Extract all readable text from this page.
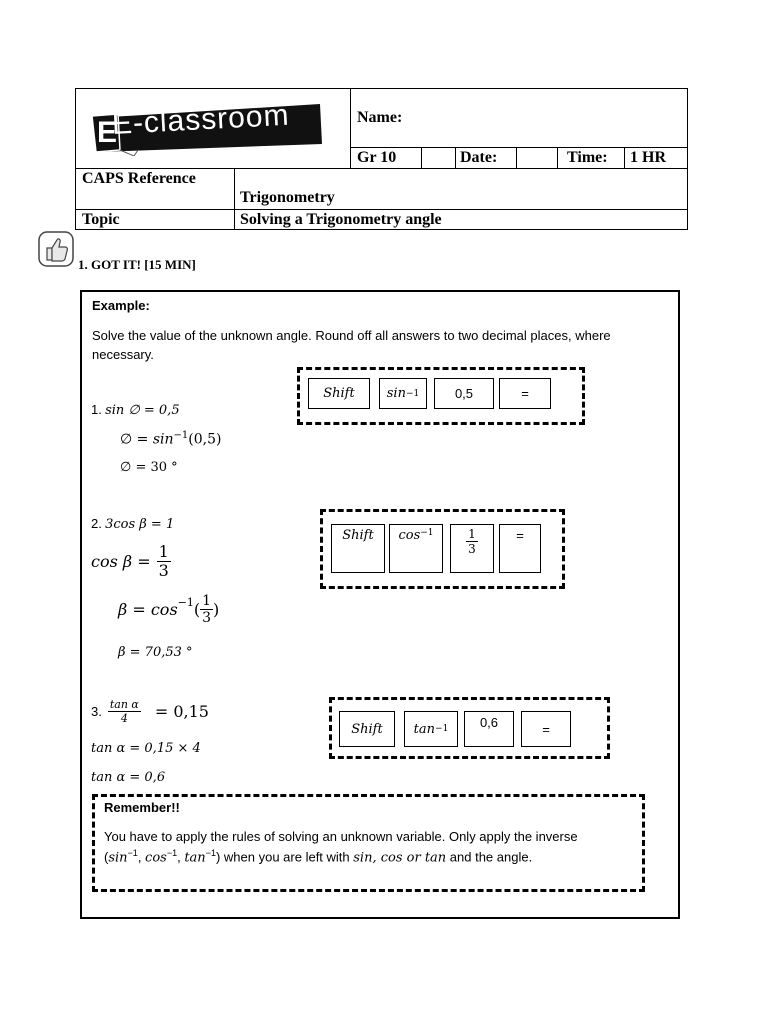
E
E-classroom	Name:
Gr 10	Date:	Time: 1 HR
CAPS Reference
Trigonometry
Topic	Solving a Trigonometry angle
1. GOT IT! [15 MIN]
Example:
Solve the value of the unknown angle. Round off all answers to two decimal places, where necessary.
1. sin ∅ = 0,5
∅ = $\sin^{-1}(0,5)$
∅ = 30 °
Shift	sin −1	0,5	=
2. 3cos β = 1
$\cos \beta = \frac{1}{3}$
β =
$\cos^{-1}$ ( $\frac{1}{3}$ )
β = 70,53 °
Shift	cos −1	$\frac{1}{3}$	=
3. $\frac{\text{tan α}}{4} = 0,15$
tan α = 0,15 × 4
tan α = 0,6
Shift	tan −1	0,6	=
Remember!!
You have to apply the rules of solving an unknown variable. Only apply the inverse
($\sin^{-1}$, $\cos^{-1}$, $\tan^{-1}$) when you are left with sin, cos or tan and the angle.
